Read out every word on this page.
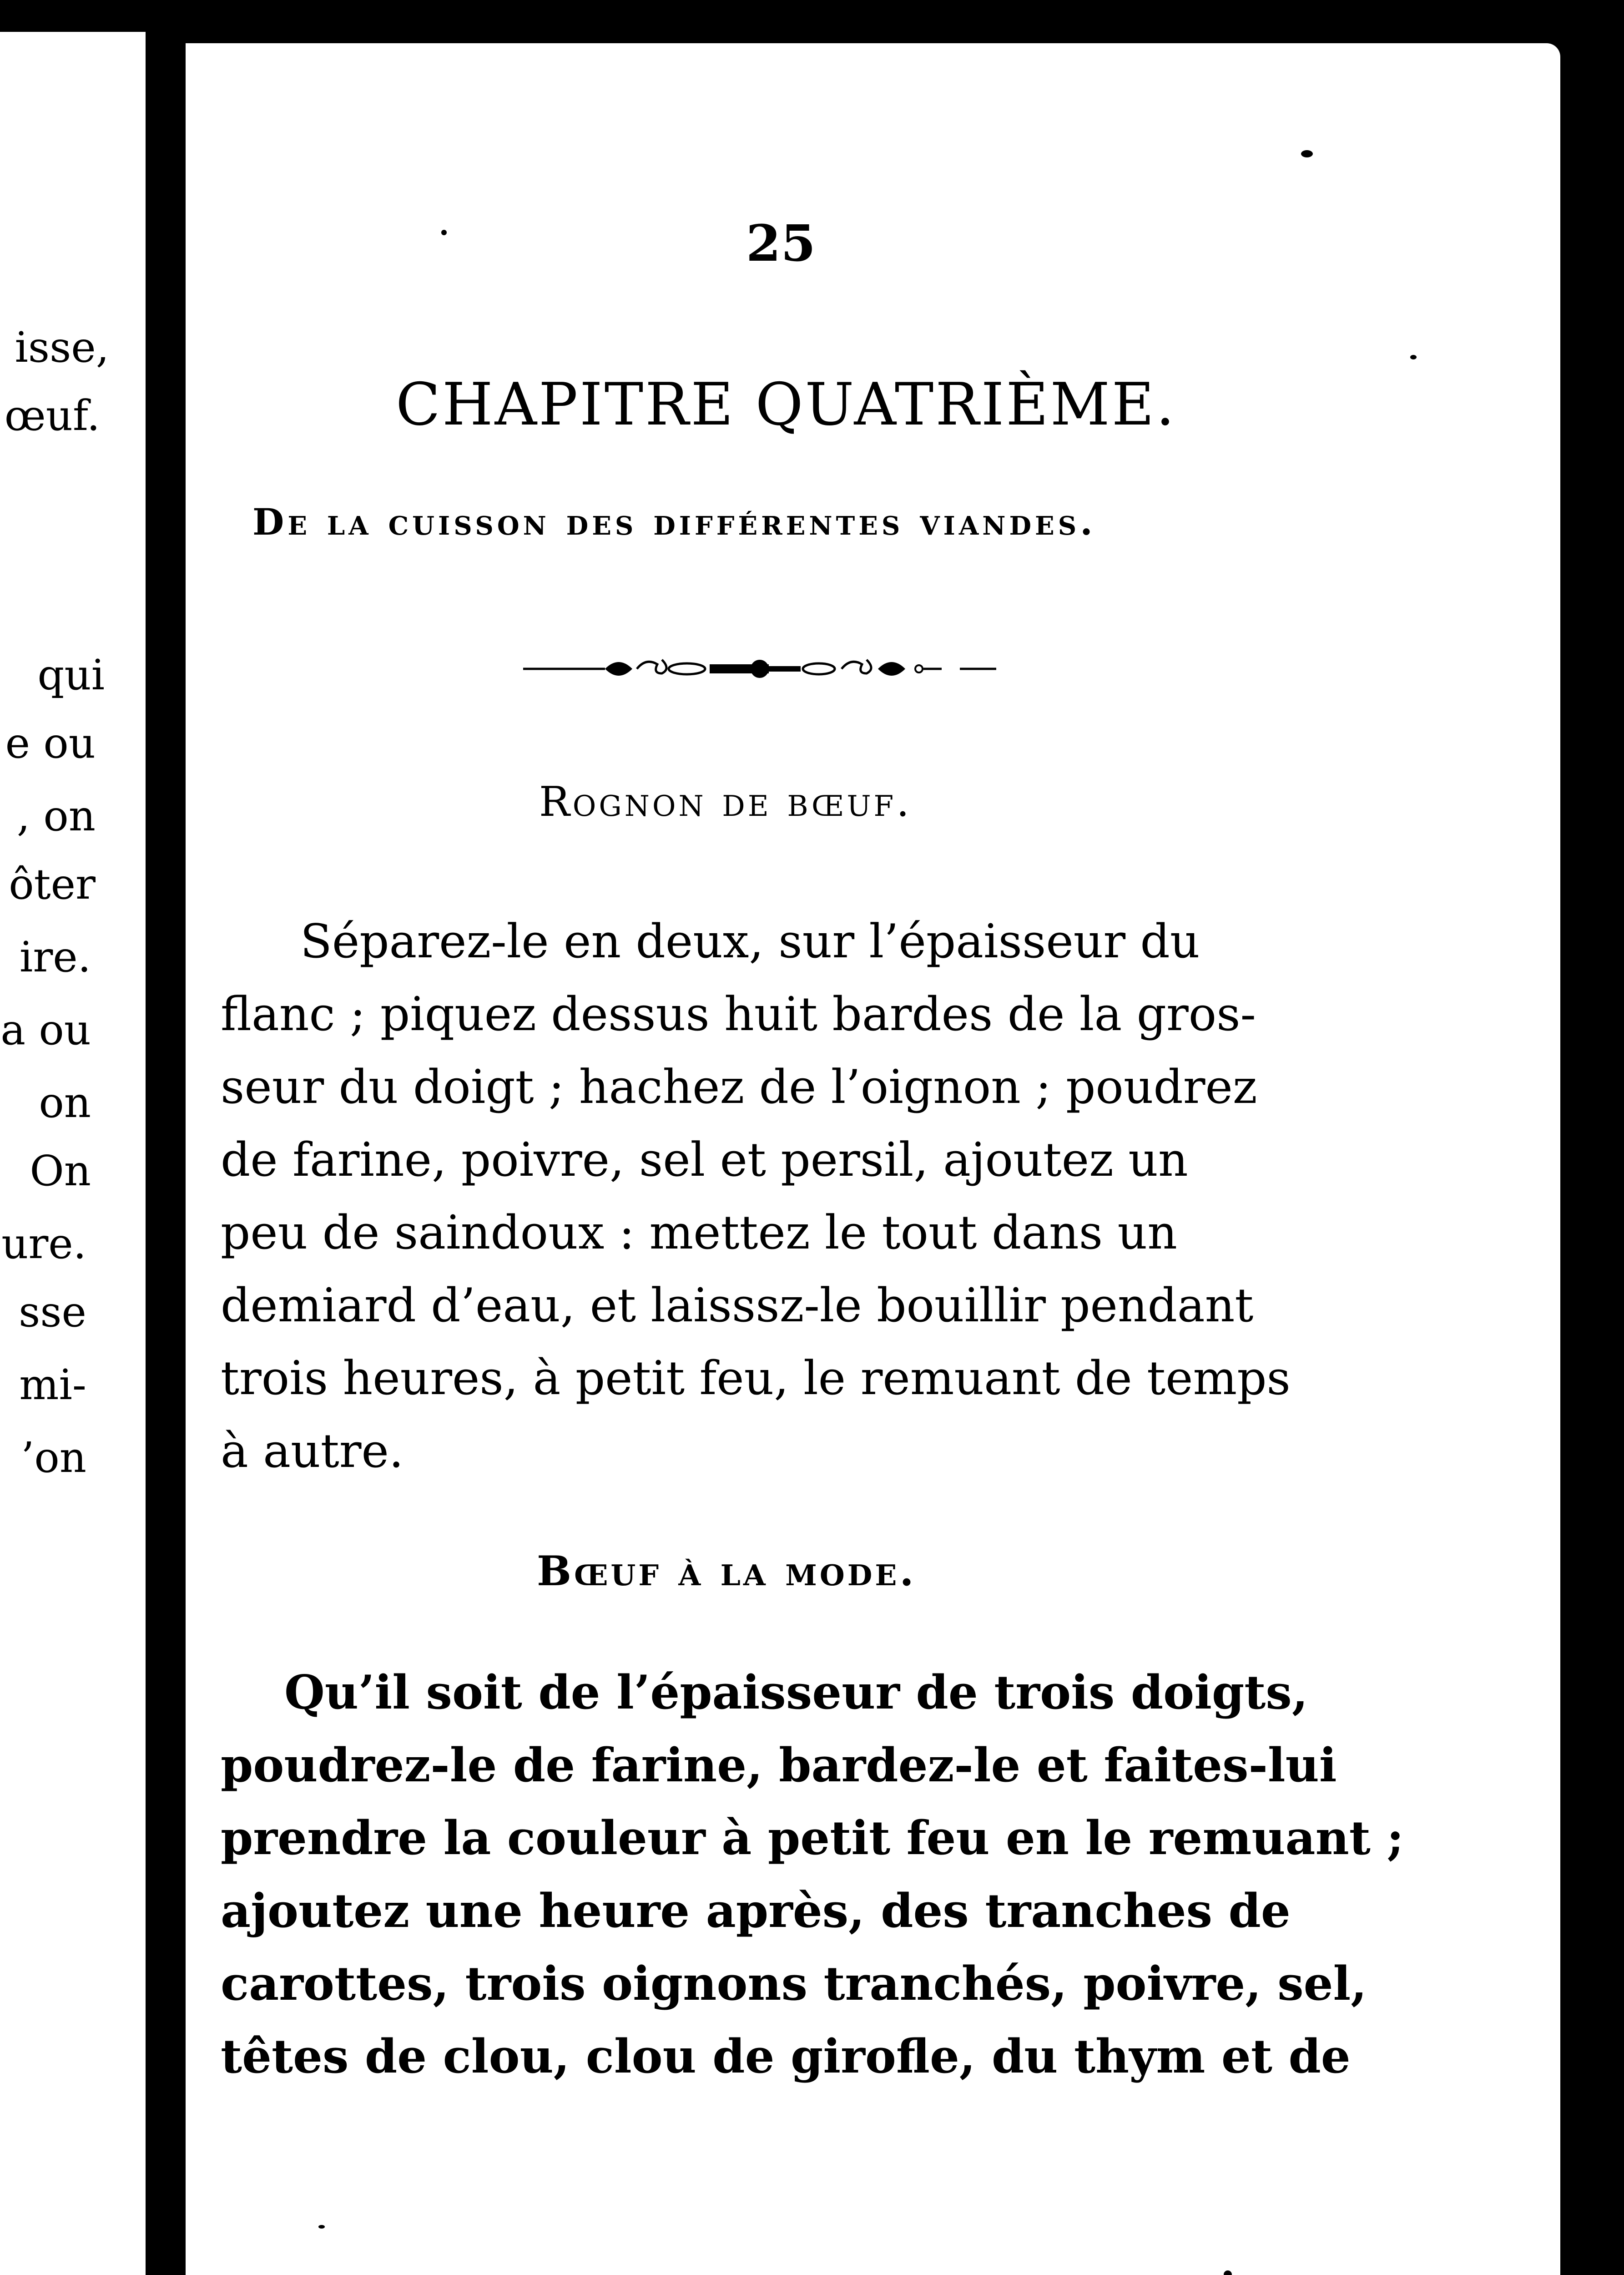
isse,
œuf.
qui
e ou
, on
ôter
ire.
a ou
on
On
ure.
sse
mi-
’on
25
CHAPITRE QUATRIÈME.
De la cuisson des différentes viandes.
Rognon de bœuf.
Séparez-le en deux, sur l’épaisseur du
flanc ; piquez dessus huit bardes de la gros-
seur du doigt ; hachez de l’oignon ; poudrez
de farine, poivre, sel et persil, ajoutez un
peu de saindoux : mettez le tout dans un
demiard d’eau, et laisssz-le bouillir pendant
trois heures, à petit feu, le remuant de temps
à autre.
Bœuf à la mode.
Qu’il soit de l’épaisseur de trois doigts,
poudrez-le de farine, bardez-le et faites-lui
prendre la couleur à petit feu en le remuant ;
ajoutez une heure après, des tranches de
carottes, trois oignons tranchés, poivre, sel,
têtes de clou, clou de girofle, du thym et de
